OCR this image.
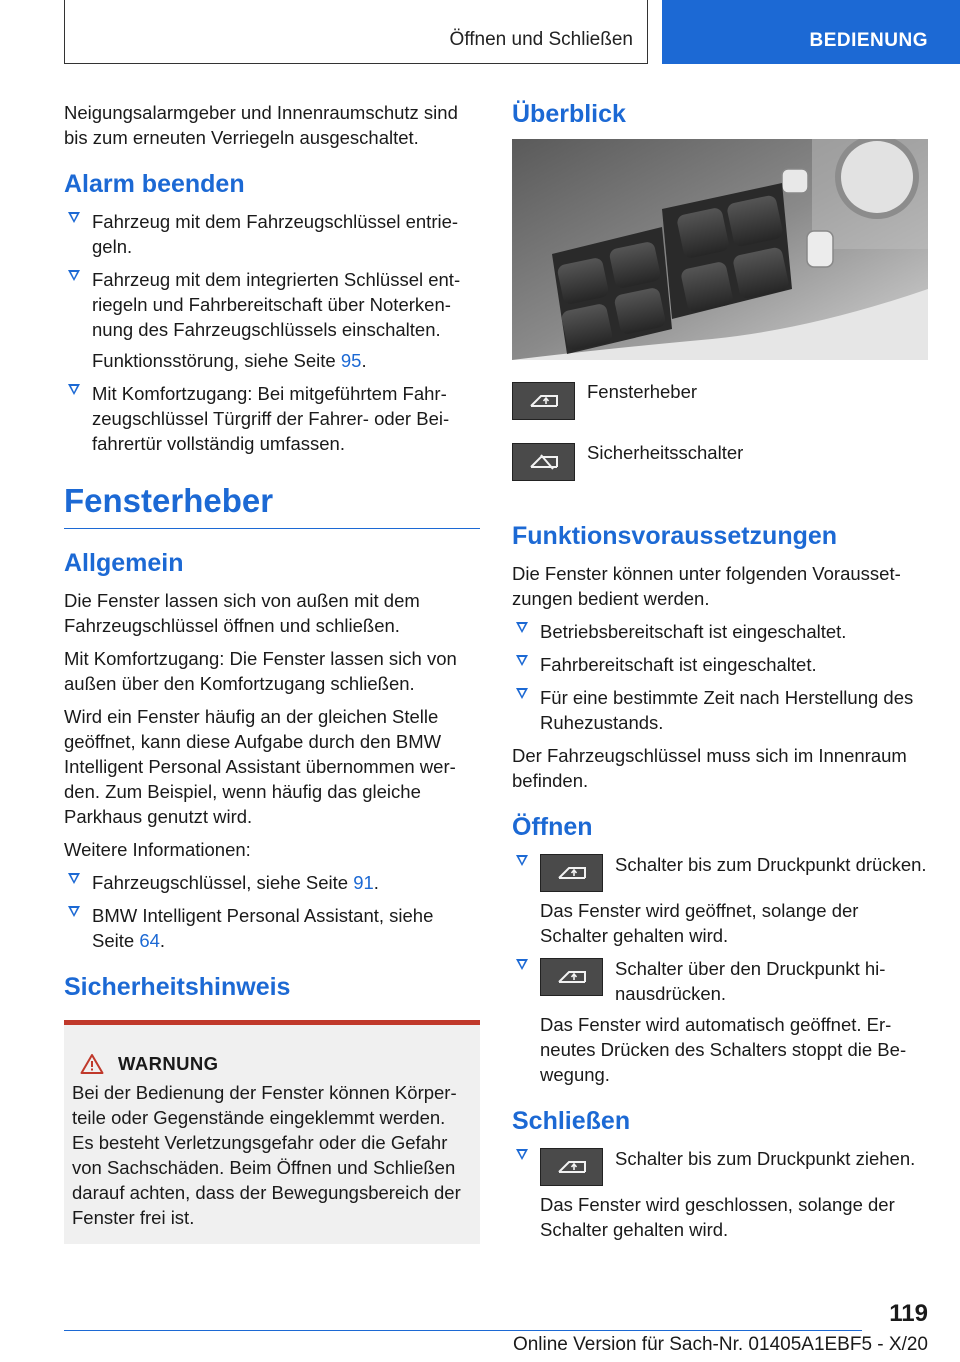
Öffnen und Schließen	BEDIENUNG

Neigungsalarmgeber und Innenraumschutz sind bis zum erneuten Verriegeln ausgeschaltet.

Alarm beenden
Fahrzeug mit dem Fahrzeugschlüssel entriegeln.
Fahrzeug mit dem integrierten Schlüssel entriegeln und Fahrbereitschaft über Noterkennung des Fahrzeugschlüssels einschalten.
Funktionsstörung, siehe Seite 95.
Mit Komfortzugang: Bei mitgeführtem Fahrzeugschlüssel Türgriff der Fahrer- oder Beifahrertür vollständig umfassen.
Fensterheber
Allgemein

Die Fenster lassen sich von außen mit dem Fahrzeugschlüssel öffnen und schließen.

Mit Komfortzugang: Die Fenster lassen sich von außen über den Komfortzugang schließen.

Wird ein Fenster häufig an der gleichen Stelle geöffnet, kann diese Aufgabe durch den BMW Intelligent Personal Assistant übernommen werden. Zum Beispiel, wenn häufig das gleiche Parkhaus genutzt wird.

Weitere Informationen:

Fahrzeugschlüssel, siehe Seite 91.
BMW Intelligent Personal Assistant, siehe Seite 64.
Sicherheitshinweis
WARNUNG
Bei der Bedienung der Fenster können Körperteile oder Gegenstände eingeklemmt werden. Es besteht Verletzungsgefahr oder die Gefahr von Sachschäden. Beim Öffnen und Schließen darauf achten, dass der Bewegungsbereich der Fenster frei ist.
Überblick
Fensterheber
Sicherheitsschalter
Funktionsvoraussetzungen

Die Fenster können unter folgenden Voraussetzungen bedient werden.

Betriebsbereitschaft ist eingeschaltet.
Fahrbereitschaft ist eingeschaltet.
Für eine bestimmte Zeit nach Herstellung des Ruhezustands.

Der Fahrzeugschlüssel muss sich im Innenraum befinden.

Öffnen
Schalter bis zum Druckpunkt drücken.
Das Fenster wird geöffnet, solange der Schalter gehalten wird.
Schalter über den Druckpunkt hinausdrücken.
Das Fenster wird automatisch geöffnet. Erneutes Drücken des Schalters stoppt die Bewegung.
Schließen
Schalter bis zum Druckpunkt ziehen.
Das Fenster wird geschlossen, solange der Schalter gehalten wird.
119
Online Version für Sach-Nr. 01405A1EBF5 - X/20
